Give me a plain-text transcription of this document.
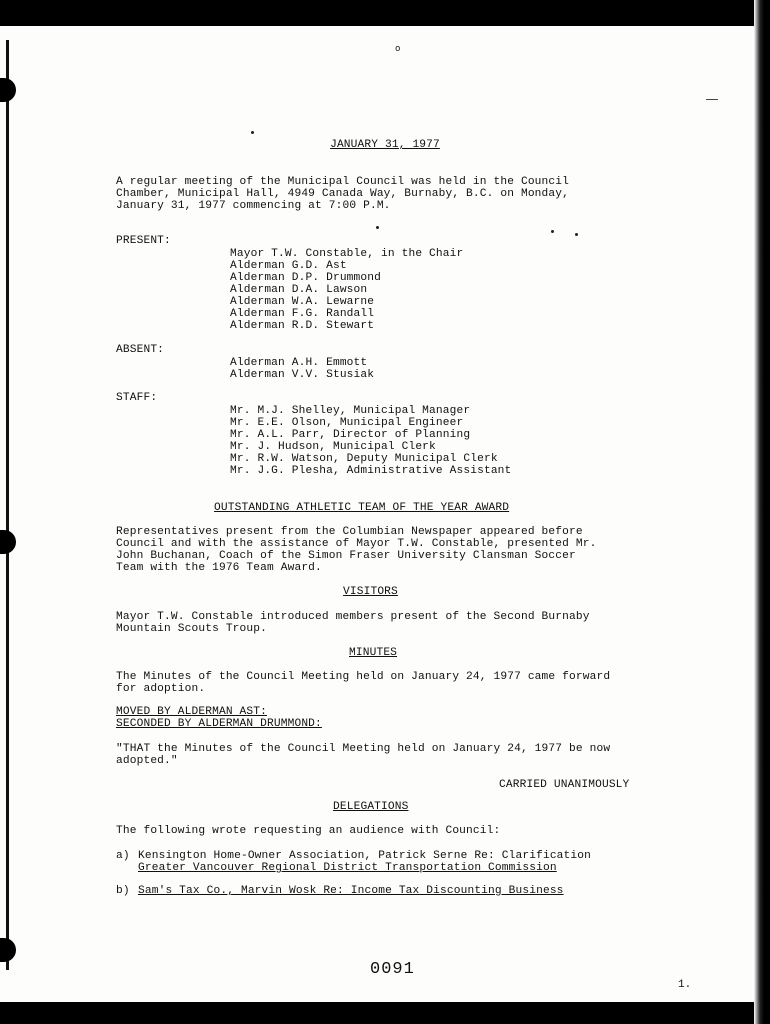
o
JANUARY 31, 1977
A regular meeting of the Municipal Council was held in the Council
Chamber, Municipal Hall, 4949 Canada Way, Burnaby, B.C. on Monday,
January 31, 1977 commencing at 7:00 P.M.
PRESENT:
Mayor T.W. Constable, in the Chair
Alderman G.D. Ast
Alderman D.P. Drummond
Alderman D.A. Lawson
Alderman W.A. Lewarne
Alderman F.G. Randall
Alderman R.D. Stewart
ABSENT:
Alderman A.H. Emmott
Alderman V.V. Stusiak
STAFF:
Mr. M.J. Shelley, Municipal Manager
Mr. E.E. Olson, Municipal Engineer
Mr. A.L. Parr, Director of Planning
Mr. J. Hudson, Municipal Clerk
Mr. R.W. Watson, Deputy Municipal Clerk
Mr. J.G. Plesha, Administrative Assistant
OUTSTANDING ATHLETIC TEAM OF THE YEAR AWARD
Representatives present from the Columbian Newspaper appeared before
Council and with the assistance of Mayor T.W. Constable, presented Mr.
John Buchanan, Coach of the Simon Fraser University Clansman Soccer
Team with the 1976 Team Award.
VISITORS
Mayor T.W. Constable introduced members present of the Second Burnaby
Mountain Scouts Troup.
MINUTES
The Minutes of the Council Meeting held on January 24, 1977 came forward
for adoption.
MOVED BY ALDERMAN AST:
SECONDED BY ALDERMAN DRUMMOND:
"THAT the Minutes of the Council Meeting held on January 24, 1977 be now
adopted."
CARRIED UNANIMOUSLY
DELEGATIONS
The following wrote requesting an audience with Council:
a) Kensington Home-Owner Association, Patrick Serne Re: Clarification
Greater Vancouver Regional District Transportation Commission
b) Sam's Tax Co., Marvin Wosk Re: Income Tax Discounting Business
0091
1.
